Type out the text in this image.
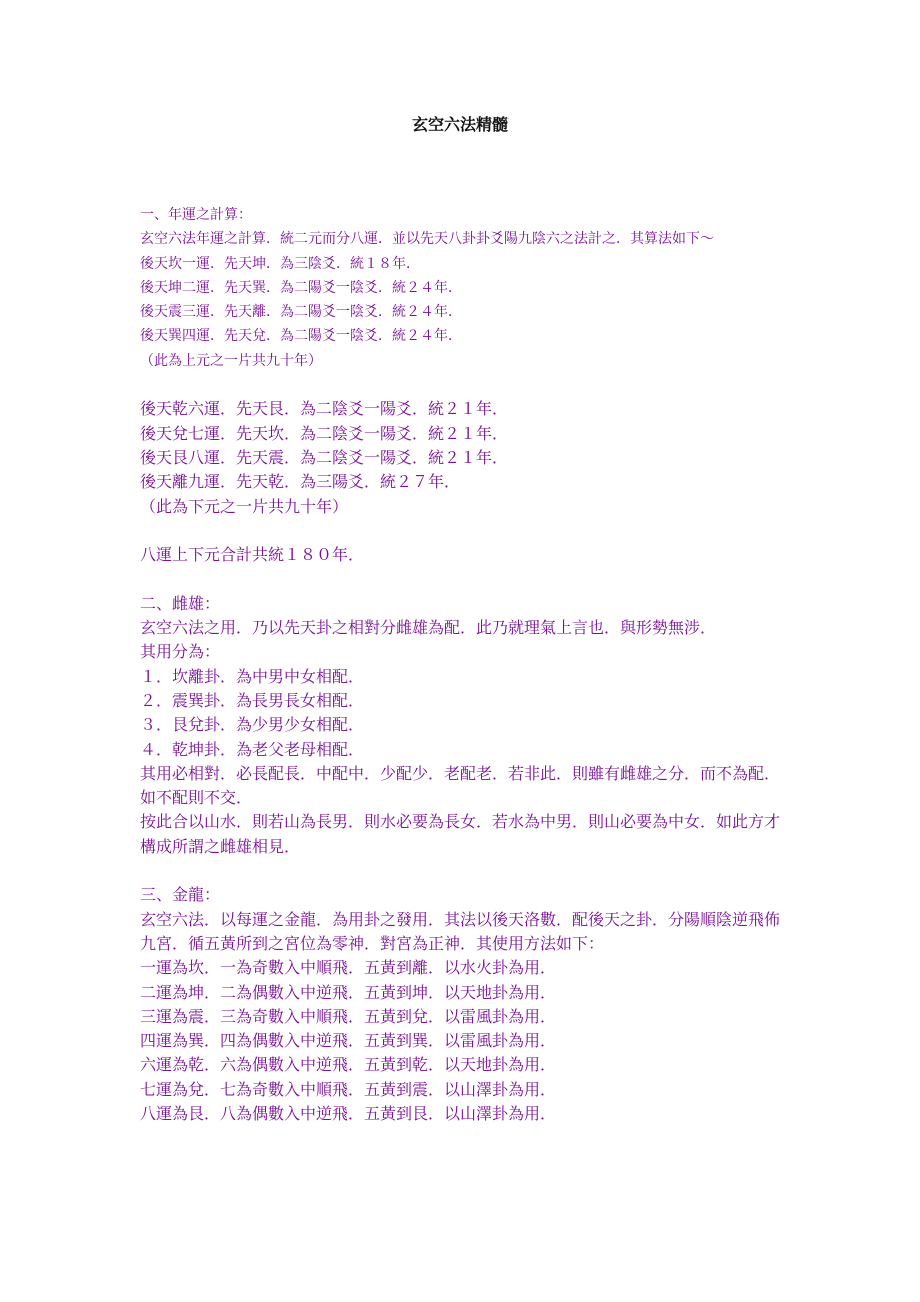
玄空六法精髓

一、年運之計算：

玄空六法年運之計算．統二元而分八運．並以先天八卦卦爻陽九陰六之法計之．其算法如下～

後天坎一運．先天坤．為三陰爻．統１８年．

後天坤二運．先天巽．為二陽爻一陰爻．統２４年．

後天震三運．先天離．為二陽爻一陰爻．統２４年．

後天巽四運．先天兌．為二陽爻一陰爻．統２４年．

（此為上元之一片共九十年）

後天乾六運．先天艮．為二陰爻一陽爻．統２１年．

後天兌七運．先天坎．為二陰爻一陽爻．統２１年．

後天艮八運．先天震．為二陰爻一陽爻．統２１年．

後天離九運．先天乾．為三陽爻．統２７年．

（此為下元之一片共九十年）

八運上下元合計共統１８０年．

二、雌雄：

玄空六法之用．乃以先天卦之相對分雌雄為配．此乃就理氣上言也．與形勢無涉．

其用分為：

１．坎離卦．為中男中女相配．

２．震巽卦．為長男長女相配．

３．艮兌卦．為少男少女相配．

４．乾坤卦．為老父老母相配．

其用必相對．必長配長．中配中．少配少．老配老．若非此．則雖有雌雄之分．而不為配．如不配則不交．

按此合以山水．則若山為長男．則水必要為長女．若水為中男．則山必要為中女．如此方才構成所謂之雌雄相見．

三、金龍：

玄空六法．以每運之金龍．為用卦之發用．其法以後天洛數．配後天之卦．分陽順陰逆飛佈九宮．循五黃所到之宮位為零神．對宮為正神．其使用方法如下：

一運為坎．一為奇數入中順飛．五黃到離．以水火卦為用．

二運為坤．二為偶數入中逆飛．五黃到坤．以天地卦為用．

三運為震．三為奇數入中順飛．五黃到兌．以雷風卦為用．

四運為巽．四為偶數入中逆飛．五黃到巽．以雷風卦為用．

六運為乾．六為偶數入中逆飛．五黃到乾．以天地卦為用．

七運為兌．七為奇數入中順飛．五黃到震．以山澤卦為用．

八運為艮．八為偶數入中逆飛．五黃到艮．以山澤卦為用．
